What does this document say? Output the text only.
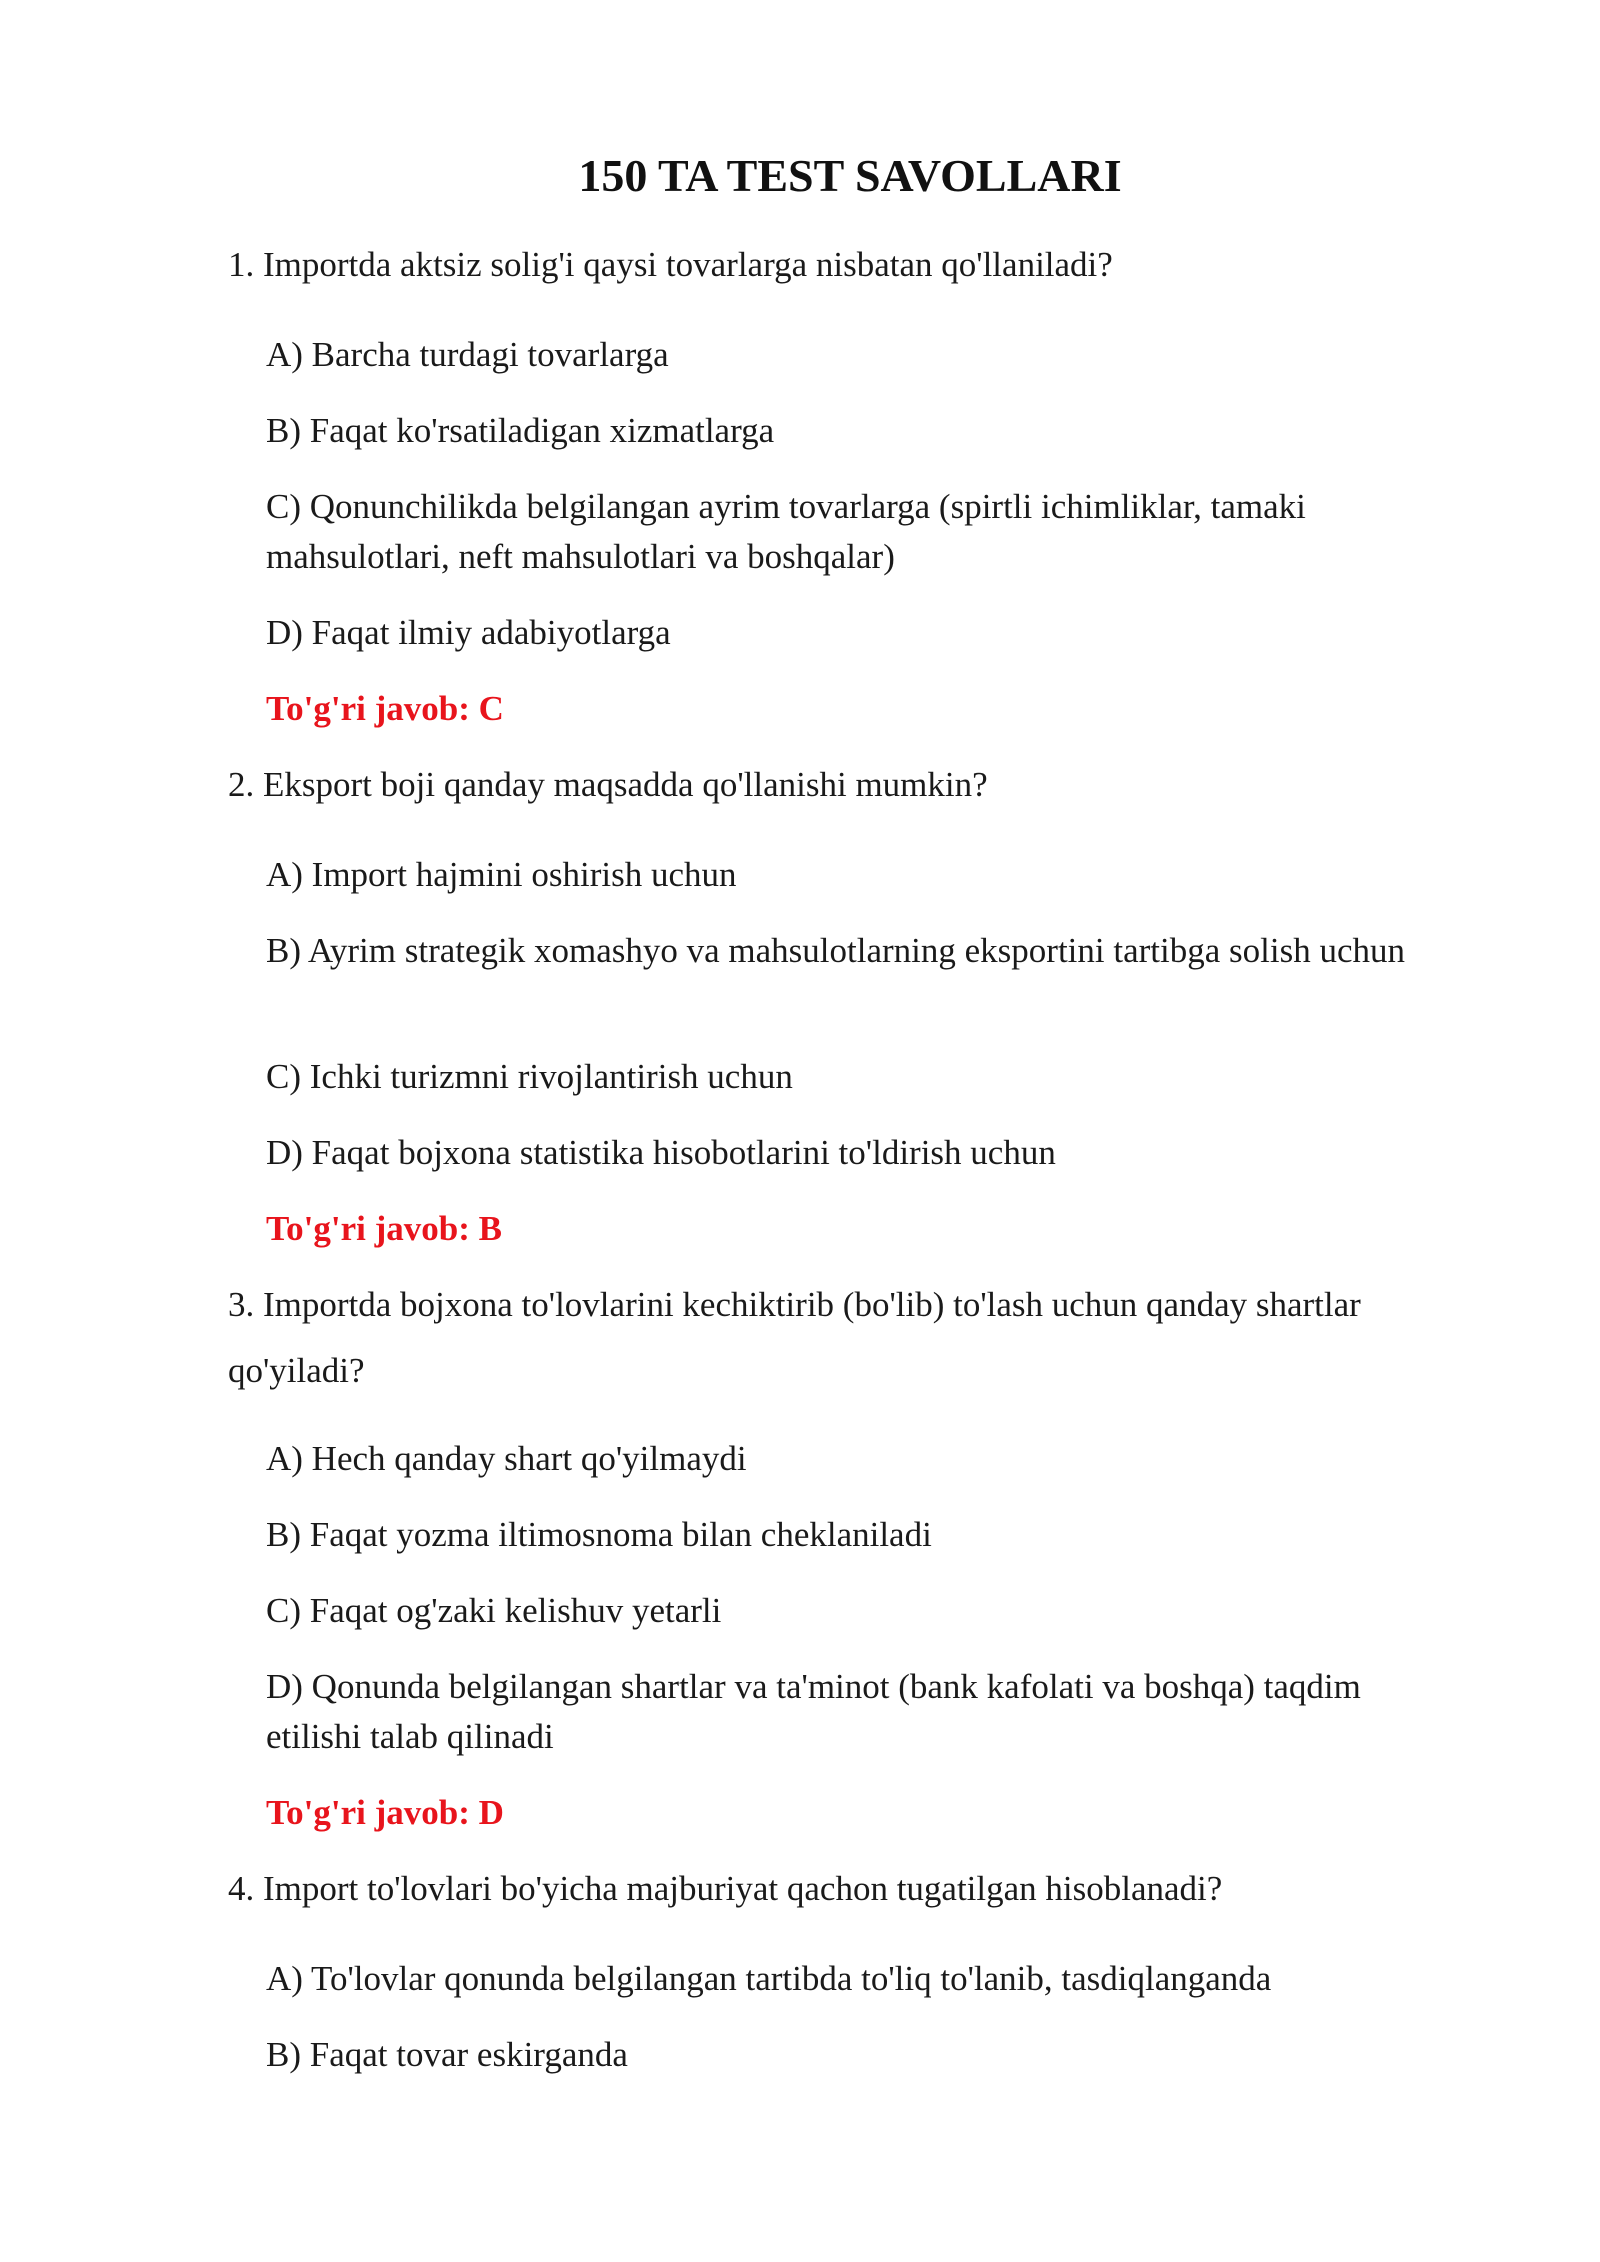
150 TA TEST SAVOLLARI

1. Importda aktsiz solig'i qaysi tovarlarga nisbatan qo'llaniladi?

A) Barcha turdagi tovarlarga

B) Faqat ko'rsatiladigan xizmatlarga

C) Qonunchilikda belgilangan ayrim tovarlarga (spirtli ichimliklar, tamaki mahsulotlari, neft mahsulotlari va boshqalar)

D) Faqat ilmiy adabiyotlarga

To'g'ri javob: C

2. Eksport boji qanday maqsadda qo'llanishi mumkin?

A) Import hajmini oshirish uchun

B) Ayrim strategik xomashyo va mahsulotlarning eksportini tartibga solish uchun

C) Ichki turizmni rivojlantirish uchun

D) Faqat bojxona statistika hisobotlarini to'ldirish uchun

To'g'ri javob: B

3. Importda bojxona to'lovlarini kechiktirib (bo'lib) to'lash uchun qanday shartlar qo'yiladi?

A) Hech qanday shart qo'yilmaydi

B) Faqat yozma iltimosnoma bilan cheklaniladi

C) Faqat og'zaki kelishuv yetarli

D) Qonunda belgilangan shartlar va ta'minot (bank kafolati va boshqa) taqdim etilishi talab qilinadi

To'g'ri javob: D

4. Import to'lovlari bo'yicha majburiyat qachon tugatilgan hisoblanadi?

A) To'lovlar qonunda belgilangan tartibda to'liq to'lanib, tasdiqlanganda

B) Faqat tovar eskirganda
